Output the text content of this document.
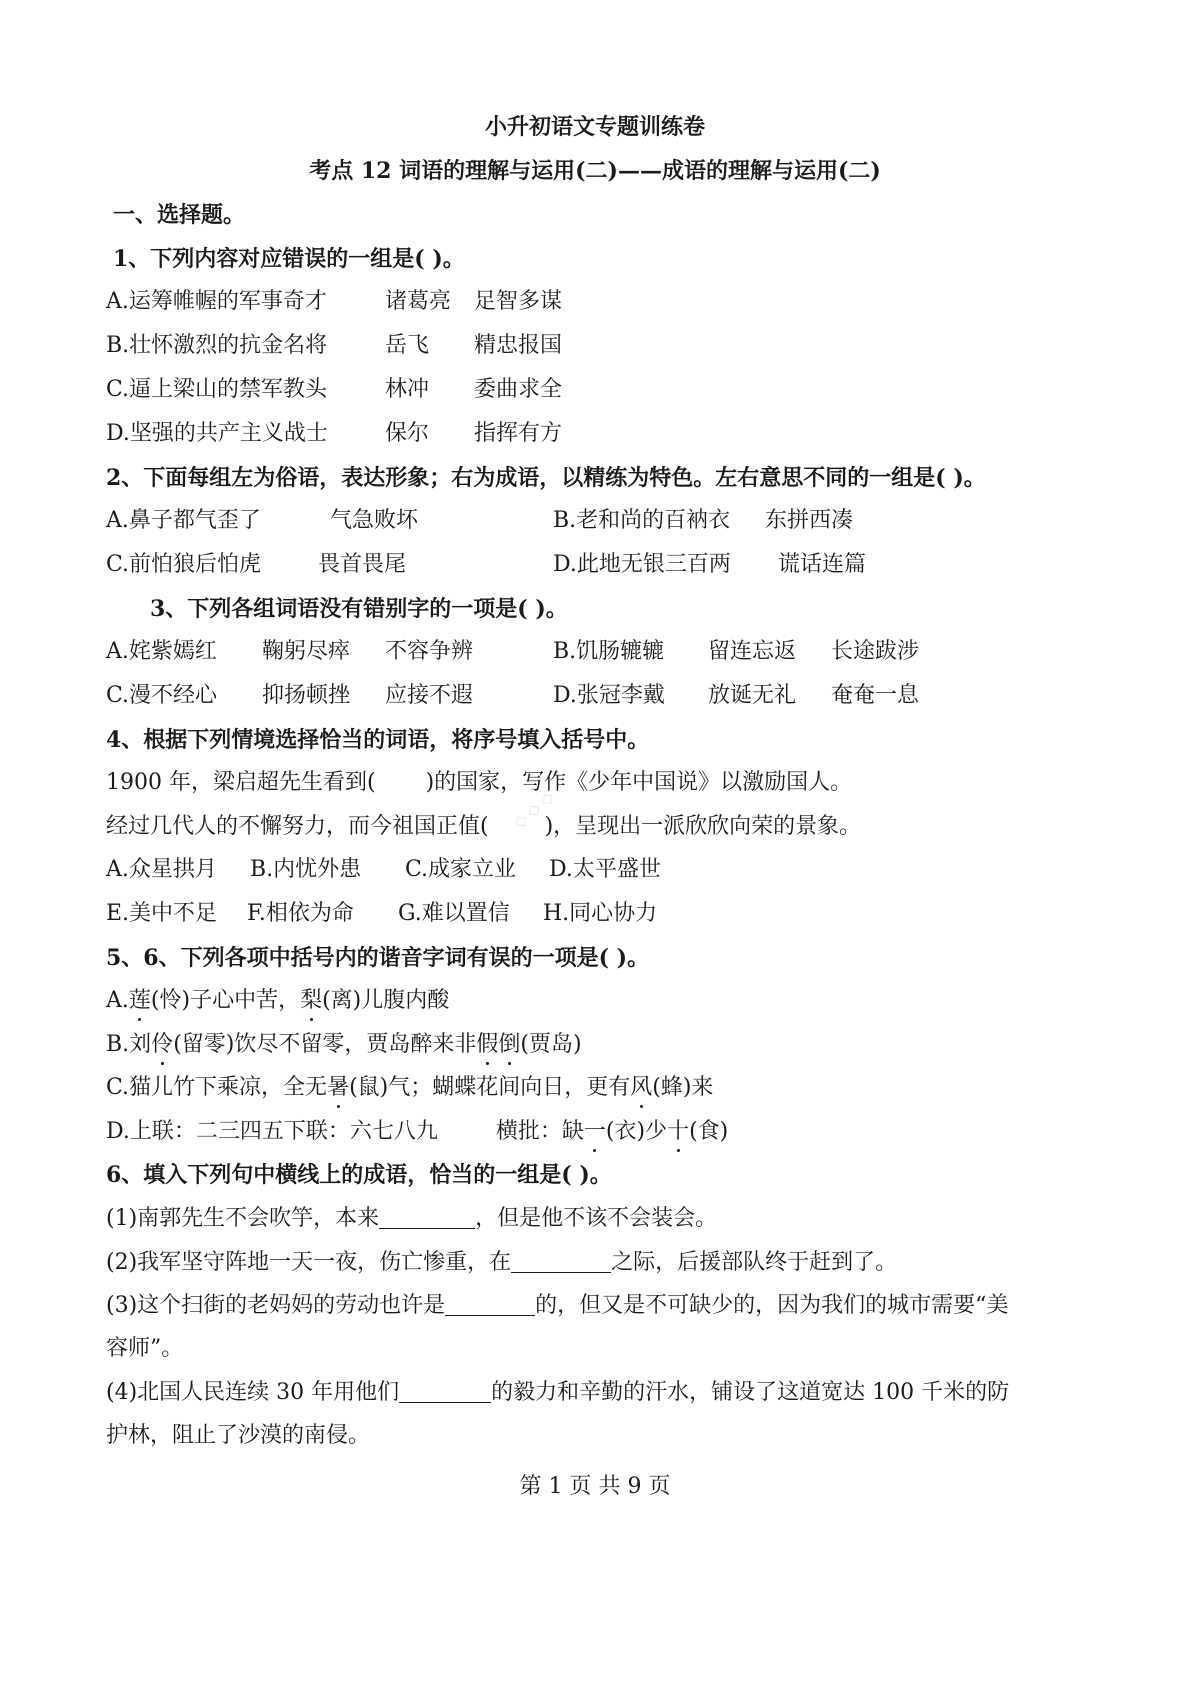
小升初语文专题训练卷
考点 12 词语的理解与运用(二)——成语的理解与运用(二)
一、选择题。
1、下列内容对应错误的一组是( )。
A.运筹帷幄的军事奇才	诸葛亮 足智多谋
B.壮怀激烈的抗金名将	岳飞 精忠报国
C.逼上梁山的禁军教头	林冲 委曲求全
D.坚强的共产主义战士	保尔 指挥有方
2、下面每组左为俗语，表达形象；右为成语，以精练为特色。左右意思不同的一组是( )。
A.鼻子都气歪了	气急败坏	B.老和尚的百衲衣 东拼西凑
C.前怕狼后怕虎	畏首畏尾	D.此地无银三百两 谎话连篇
3、下列各组词语没有错别字的一项是( )。
A.姹紫嫣红 鞠躬尽瘁 不容争辨	B.饥肠辘辘 留连忘返 长途跋涉
C.漫不经心 抑扬顿挫 应接不遐	D.张冠李戴 放诞无礼 奄奄一息
4、根据下列情境选择恰当的词语，将序号填入括号中。
1900 年，梁启超先生看到( )的国家，写作《少年中国说》以激励国人。
经过几代人的不懈努力，而今祖国正值(	)，呈现出一派欣欣向荣的景象。
A.众星拱月 B.内忧外患 C.成家立业 D.太平盛世
E.美中不足 F.相依为命 G.难以置信 H.同心协力
◇ ◇ ◇
5、6、下列各项中括号内的谐音字词有误的一项是( )。
A.莲(怜)子心中苦，梨(离)儿腹内酸
B.刘伶(留零)饮尽不留零，贾岛醉来非假倒(贾岛)
C.猫儿竹下乘凉，全无暑(鼠)气；蝴蝶花间向日，更有风(蜂)来
D.上联：二三四五下联：六七八九	横批：缺一(衣)少十(食)
6、填入下列句中横线上的成语，恰当的一组是( )。
(1)南郭先生不会吹竽，本来	，但是他不该不会装会。
(2)我军坚守阵地一天一夜，伤亡惨重，在	之际，后援部队终于赶到了。
(3)这个扫街的老妈妈的劳动也许是	的，但又是不可缺少的，因为我们的城市需要“美
容师”。
(4)北国人民连续 30 年用他们	的毅力和辛勤的汗水，铺设了这道宽达 100 千米的防
护林，阻止了沙漠的南侵。
第 1 页 共 9 页
